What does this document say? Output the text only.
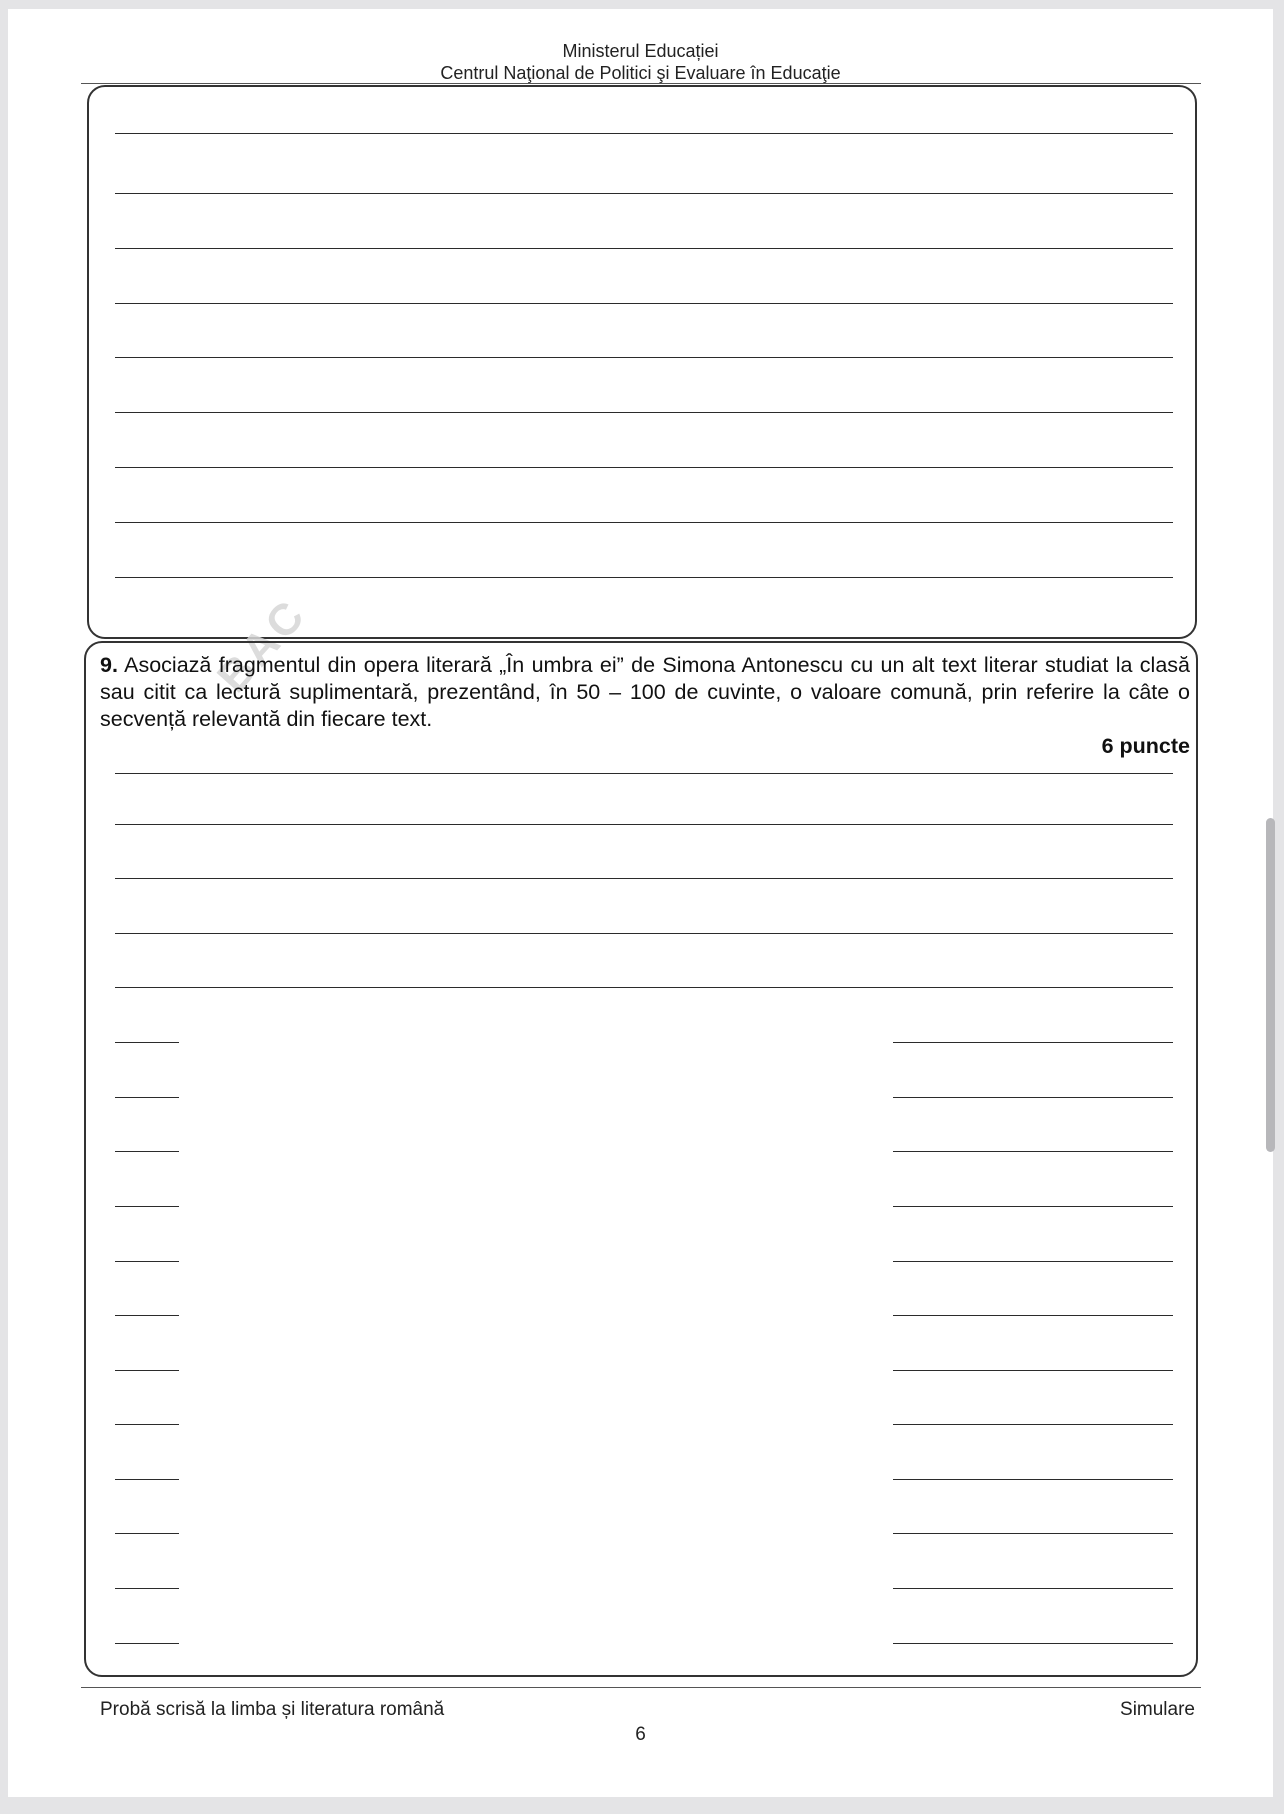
Ministerul Educației
Centrul Naţional de Politici şi Evaluare în Educaţie
BAC
9. Asociază fragmentul din opera literară „În umbra ei” de Simona Antonescu cu un alt text literar studiat la clasă sau citit ca lectură suplimentară, prezentând, în 50 – 100 de cuvinte, o valoare comună, prin referire la câte o secvență relevantă din fiecare text.
6 puncte
Probă scrisă la limba și literatura română	Simulare
6
